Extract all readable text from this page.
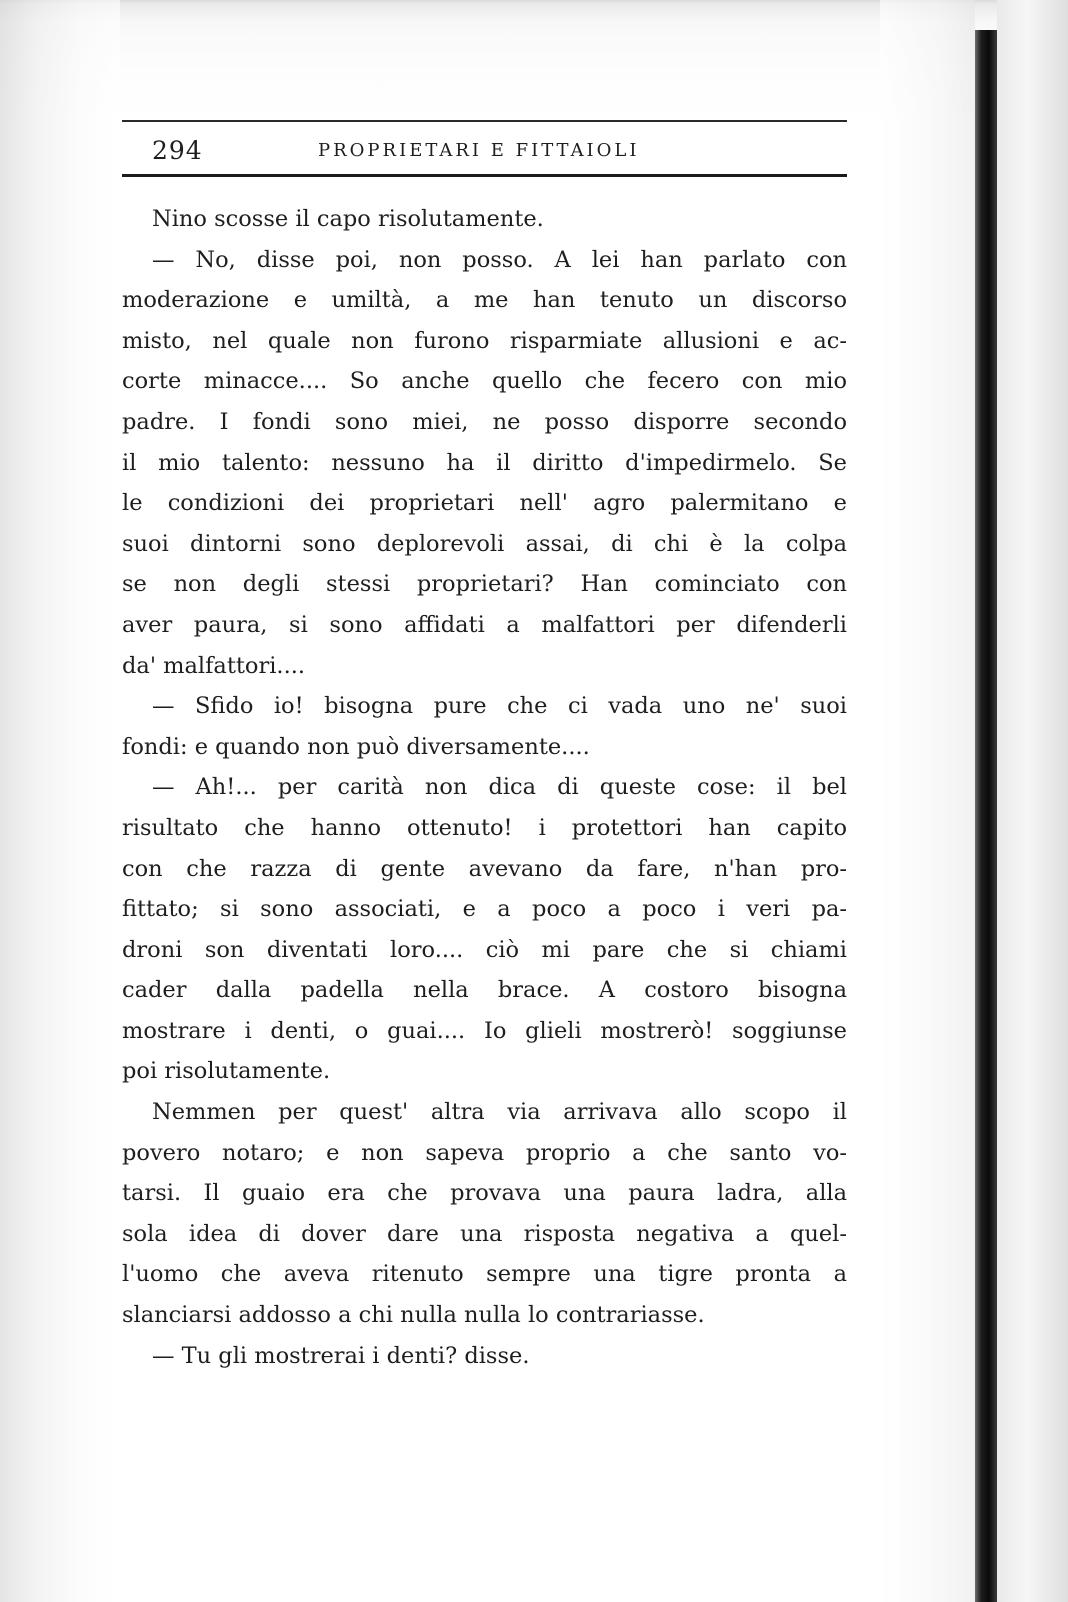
294	PROPRIETARI E FITTAIOLI
Nino scosse il capo risolutamente.
— No, disse poi, non posso. A lei han parlato con
moderazione e umiltà, a me han tenuto un discorso
misto, nel quale non furono risparmiate allusioni e ac-
corte minacce.... So anche quello che fecero con mio
padre. I fondi sono miei, ne posso disporre secondo
il mio talento: nessuno ha il diritto d'impedirmelo. Se
le condizioni dei proprietari nell' agro palermitano e
suoi dintorni sono deplorevoli assai, di chi è la colpa
se non degli stessi proprietari? Han cominciato con
aver paura, si sono affidati a malfattori per difenderli
da' malfattori....
— Sfido io! bisogna pure che ci vada uno ne' suoi
fondi: e quando non può diversamente....
— Ah!... per carità non dica di queste cose: il bel
risultato che hanno ottenuto! i protettori han capito
con che razza di gente avevano da fare, n'han pro-
fittato; si sono associati, e a poco a poco i veri pa-
droni son diventati loro.... ciò mi pare che si chiami
cader dalla padella nella brace. A costoro bisogna
mostrare i denti, o guai.... Io glieli mostrerò! soggiunse
poi risolutamente.
Nemmen per quest' altra via arrivava allo scopo il
povero notaro; e non sapeva proprio a che santo vo-
tarsi. Il guaio era che provava una paura ladra, alla
sola idea di dover dare una risposta negativa a quel-
l'uomo che aveva ritenuto sempre una tigre pronta a
slanciarsi addosso a chi nulla nulla lo contrariasse.
— Tu gli mostrerai i denti? disse.
